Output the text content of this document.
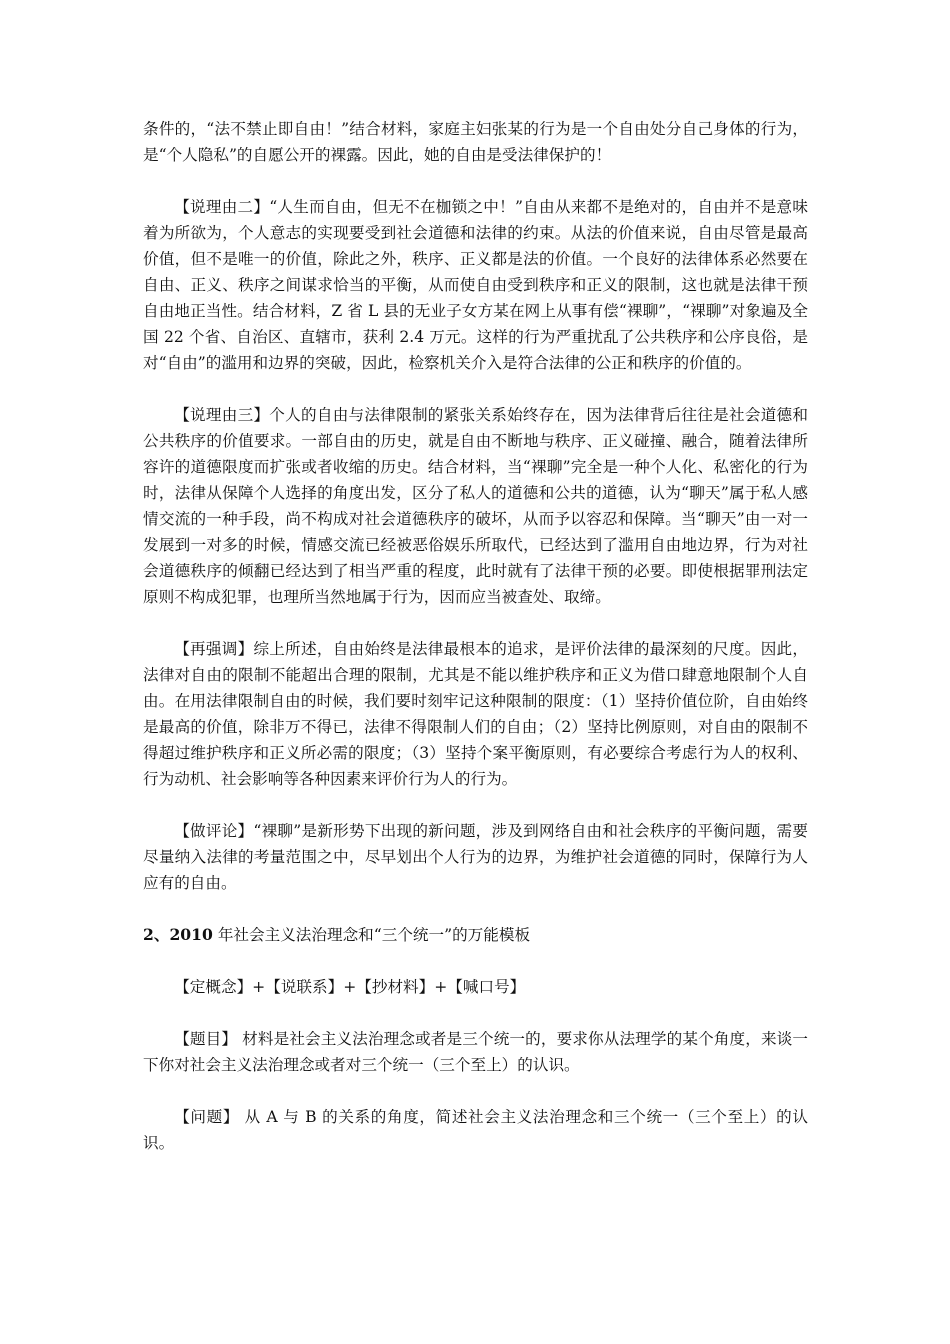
条件的，“法不禁止即自由！”结合材料，家庭主妇张某的行为是一个自由处分自己身体的行为，是“个人隐私”的自愿公开的裸露。因此，她的自由是受法律保护的！

【说理由二】“人生而自由，但无不在枷锁之中！”自由从来都不是绝对的，自由并不是意味着为所欲为，个人意志的实现要受到社会道德和法律的约束。从法的价值来说，自由尽管是最高价值，但不是唯一的价值，除此之外，秩序、正义都是法的价值。一个良好的法律体系必然要在自由、正义、秩序之间谋求恰当的平衡，从而使自由受到秩序和正义的限制，这也就是法律干预自由地正当性。结合材料，Z 省 L 县的无业子女方某在网上从事有偿“裸聊”，“裸聊”对象遍及全国 22 个省、自治区、直辖市，获利 2.4 万元。这样的行为严重扰乱了公共秩序和公序良俗，是对“自由”的滥用和边界的突破，因此，检察机关介入是符合法律的公正和秩序的价值的。

【说理由三】个人的自由与法律限制的紧张关系始终存在，因为法律背后往往是社会道德和公共秩序的价值要求。一部自由的历史，就是自由不断地与秩序、正义碰撞、融合，随着法律所容许的道德限度而扩张或者收缩的历史。结合材料，当“裸聊”完全是一种个人化、私密化的行为时，法律从保障个人选择的角度出发，区分了私人的道德和公共的道德，认为“聊天”属于私人感情交流的一种手段，尚不构成对社会道德秩序的破坏，从而予以容忍和保障。当“聊天”由一对一发展到一对多的时候，情感交流已经被恶俗娱乐所取代，已经达到了滥用自由地边界，行为对社会道德秩序的倾翻已经达到了相当严重的程度，此时就有了法律干预的必要。即使根据罪刑法定原则不构成犯罪，也理所当然地属于行为，因而应当被查处、取缔。

【再强调】综上所述，自由始终是法律最根本的追求，是评价法律的最深刻的尺度。因此，法律对自由的限制不能超出合理的限制，尤其是不能以维护秩序和正义为借口肆意地限制个人自由。在用法律限制自由的时候，我们要时刻牢记这种限制的限度：（1）坚持价值位阶，自由始终是最高的价值，除非万不得已，法律不得限制人们的自由；（2）坚持比例原则，对自由的限制不得超过维护秩序和正义所必需的限度；（3）坚持个案平衡原则，有必要综合考虑行为人的权利、行为动机、社会影响等各种因素来评价行为人的行为。

【做评论】“裸聊”是新形势下出现的新问题，涉及到网络自由和社会秩序的平衡问题，需要尽量纳入法律的考量范围之中，尽早划出个人行为的边界，为维护社会道德的同时，保障行为人应有的自由。

2、2010 年社会主义法治理念和“三个统一”的万能模板

【定概念】+【说联系】+【抄材料】+【喊口号】

【题目】 材料是社会主义法治理念或者是三个统一的，要求你从法理学的某个角度，来谈一下你对社会主义法治理念或者对三个统一（三个至上）的认识。

【问题】 从 A 与 B 的关系的角度，简述社会主义法治理念和三个统一（三个至上）的认识。
